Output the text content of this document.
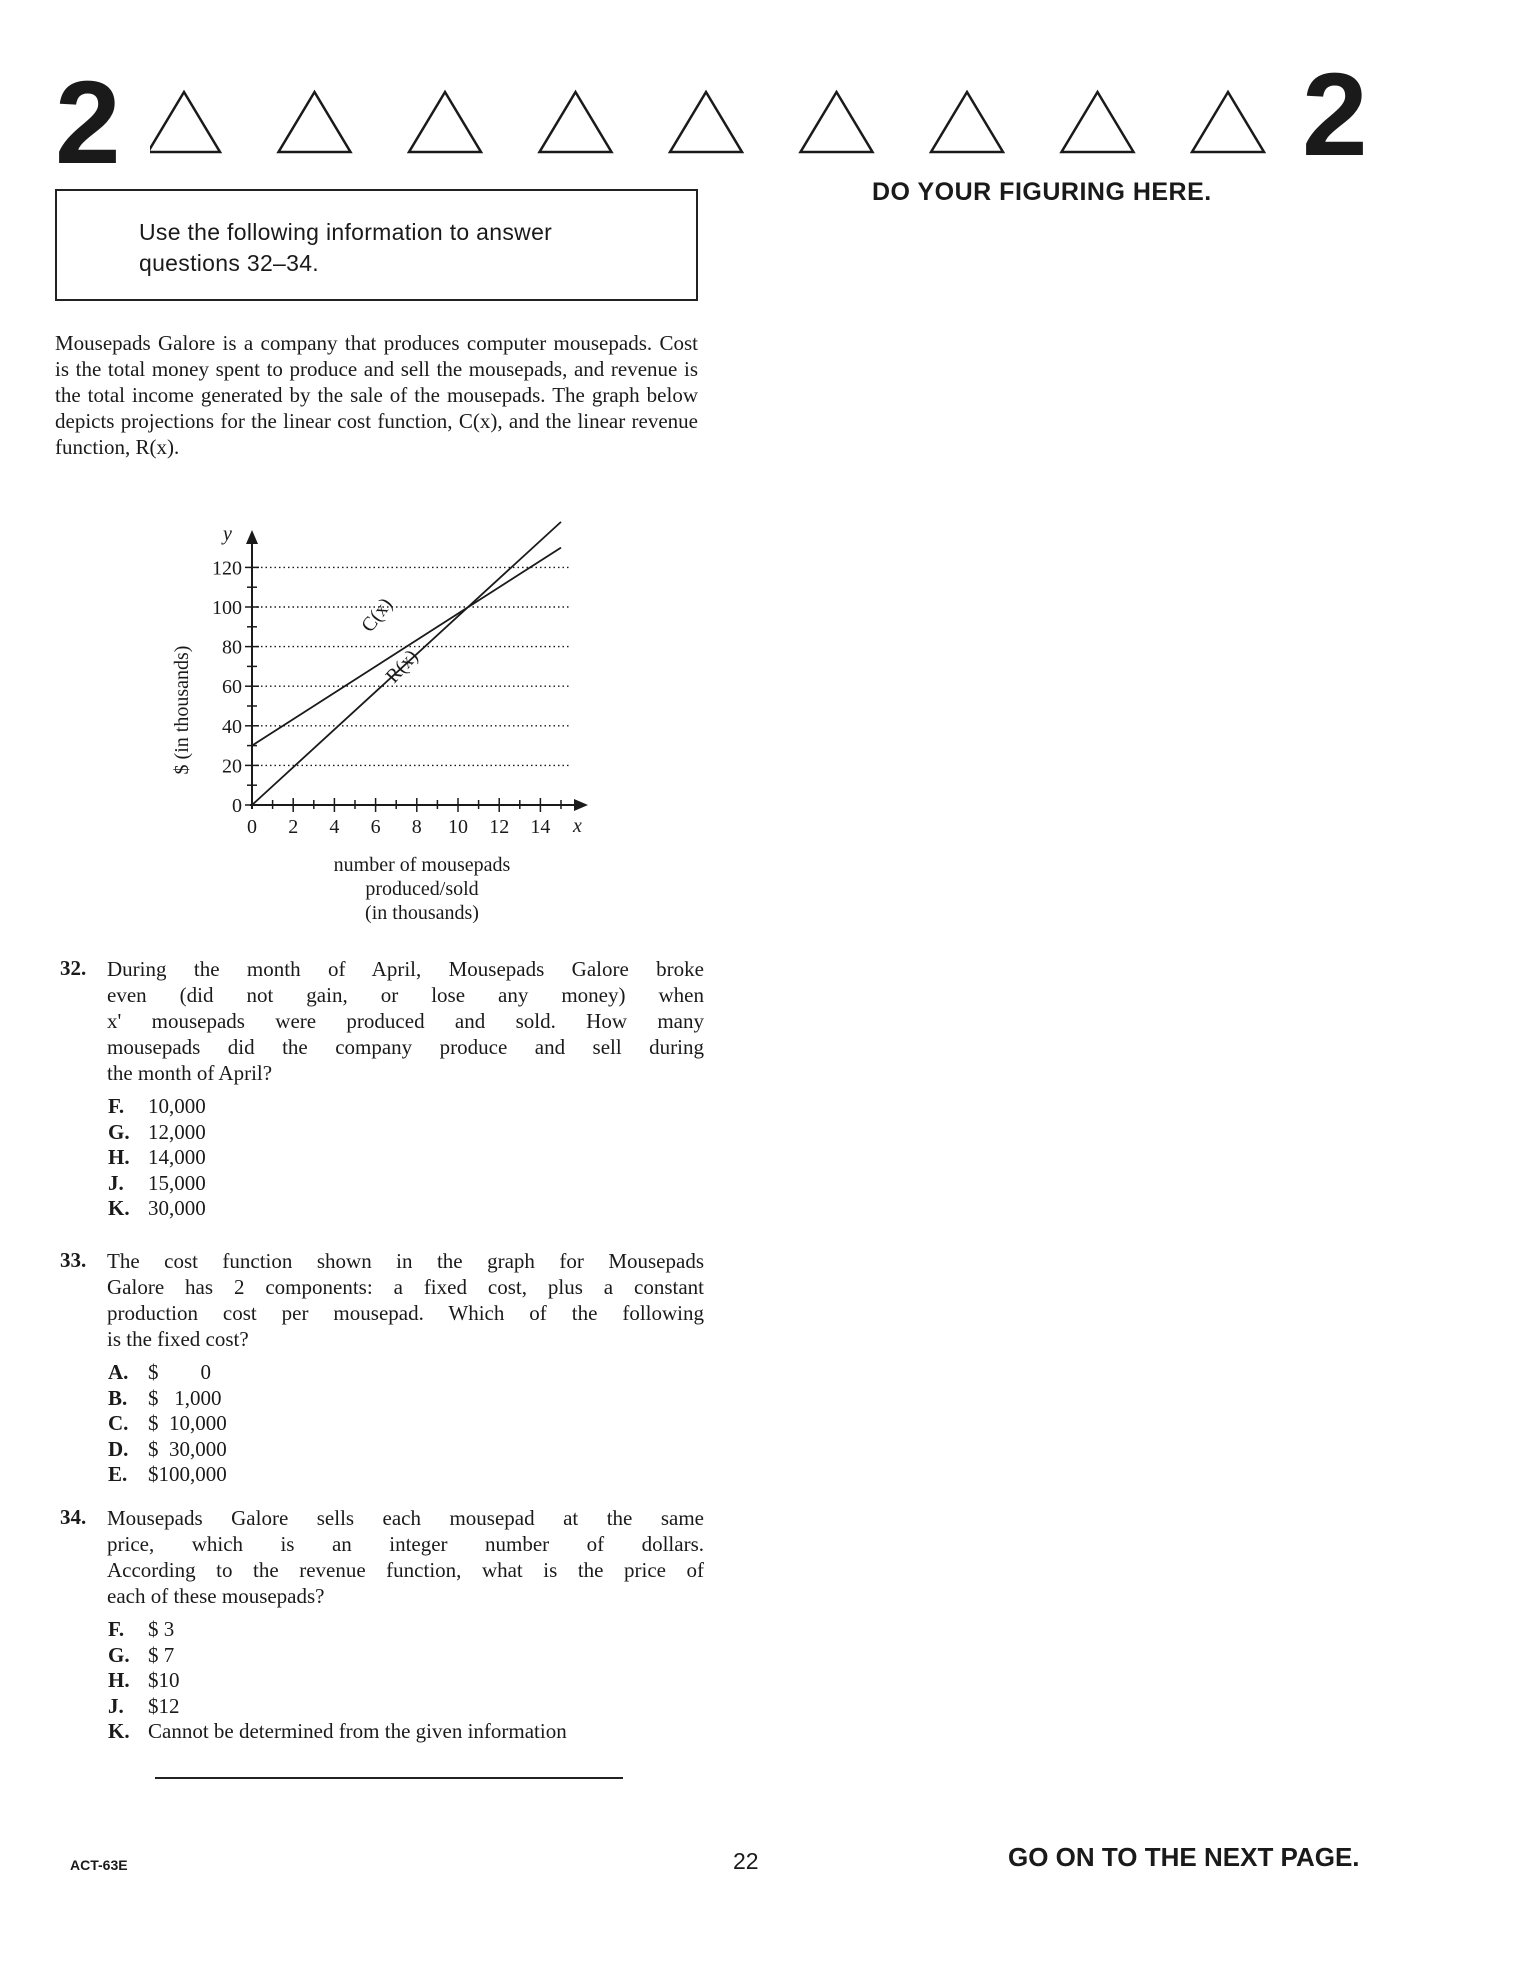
2	2
DO YOUR FIGURING HERE.
Use the following information to answer questions 32–34.
Mousepads Galore is a company that produces computer mousepads. Cost is the total money spent to produce and sell the mousepads, and revenue is the total income generated by the sale of the mousepads. The graph below depicts projections for the linear cost function, C(x), and the linear revenue function, R(x).
0
20
40
60
80
100
120
0 2 4 6 8 10 12 14
C(x)
R(x)
$ (in thousands)
y
x
number of mousepads
produced/sold
(in thousands)
32. During the month of April, Mousepads Galore broke
even (did not gain, or lose any money) when
x' mousepads were produced and sold. How many
mousepads did the company produce and sell during
the month of April?
F. 10,000
G. 12,000
H. 14,000
J. 15,000
K. 30,000
33. The cost function shown in the graph for Mousepads
Galore has 2 components: a fixed cost, plus a constant
production cost per mousepad. Which of the following
is the fixed cost?
A. $        0
B. $   1,000
C. $  10,000
D. $  30,000
E. $100,000
34. Mousepads Galore sells each mousepad at the same
price, which is an integer number of dollars.
According to the revenue function, what is the price of
each of these mousepads?
F. $ 3
G. $ 7
H. $10
J. $12
K. Cannot be determined from the given information
ACT-63E	22	GO ON TO THE NEXT PAGE.
